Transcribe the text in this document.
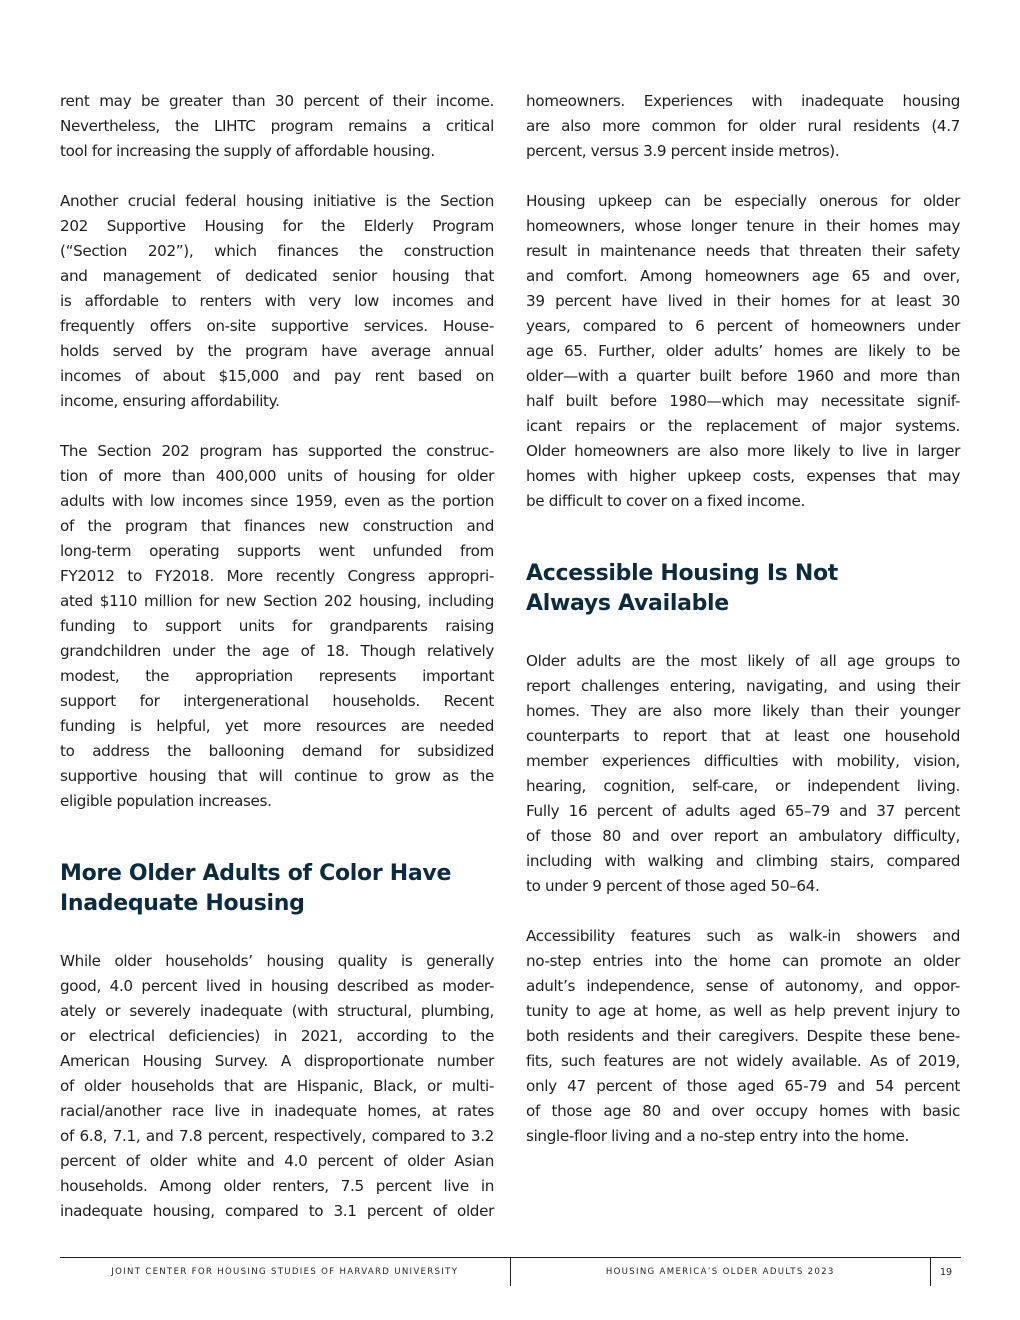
rent may be greater than 30 percent of their income.
Nevertheless, the LIHTC program remains a critical
tool for increasing the supply of affordable housing.

Another crucial federal housing initiative is the Section
202 Supportive Housing for the Elderly Program
(“Section 202”), which finances the construction
and management of dedicated senior housing that
is affordable to renters with very low incomes and
frequently offers on-site supportive services. House-
holds served by the program have average annual
incomes of about $15,000 and pay rent based on
income, ensuring affordability.

The Section 202 program has supported the construc-
tion of more than 400,000 units of housing for older
adults with low incomes since 1959, even as the portion
of the program that finances new construction and
long-term operating supports went unfunded from
FY2012 to FY2018. More recently Congress appropri-
ated $110 million for new Section 202 housing, including
funding to support units for grandparents raising
grandchildren under the age of 18. Though relatively
modest, the appropriation represents important
support for intergenerational households. Recent
funding is helpful, yet more resources are needed
to address the ballooning demand for subsidized
supportive housing that will continue to grow as the
eligible population increases.

More Older Adults of Color Have
Inadequate Housing

While older households’ housing quality is generally
good, 4.0 percent lived in housing described as moder-
ately or severely inadequate (with structural, plumbing,
or electrical deficiencies) in 2021, according to the
American Housing Survey. A disproportionate number
of older households that are Hispanic, Black, or multi-
racial/another race live in inadequate homes, at rates
of 6.8, 7.1, and 7.8 percent, respectively, compared to 3.2
percent of older white and 4.0 percent of older Asian
households. Among older renters, 7.5 percent live in
inadequate housing, compared to 3.1 percent of older

homeowners. Experiences with inadequate housing
are also more common for older rural residents (4.7
percent, versus 3.9 percent inside metros).

Housing upkeep can be especially onerous for older
homeowners, whose longer tenure in their homes may
result in maintenance needs that threaten their safety
and comfort. Among homeowners age 65 and over,
39 percent have lived in their homes for at least 30
years, compared to 6 percent of homeowners under
age 65. Further, older adults’ homes are likely to be
older—with a quarter built before 1960 and more than
half built before 1980—which may necessitate signif-
icant repairs or the replacement of major systems.
Older homeowners are also more likely to live in larger
homes with higher upkeep costs, expenses that may
be difficult to cover on a fixed income.

Accessible Housing Is Not
Always Available

Older adults are the most likely of all age groups to
report challenges entering, navigating, and using their
homes. They are also more likely than their younger
counterparts to report that at least one household
member experiences difficulties with mobility, vision,
hearing, cognition, self-care, or independent living.
Fully 16 percent of adults aged 65–79 and 37 percent
of those 80 and over report an ambulatory difficulty,
including with walking and climbing stairs, compared
to under 9 percent of those aged 50–64.

Accessibility features such as walk-in showers and
no-step entries into the home can promote an older
adult’s independence, sense of autonomy, and oppor-
tunity to age at home, as well as help prevent injury to
both residents and their caregivers. Despite these bene-
fits, such features are not widely available. As of 2019,
only 47 percent of those aged 65-79 and 54 percent
of those age 80 and over occupy homes with basic
single-floor living and a no-step entry into the home.

JOINT CENTER FOR HOUSING STUDIES OF HARVARD UNIVERSITY	HOUSING AMERICA’S OLDER ADULTS 2023	19
